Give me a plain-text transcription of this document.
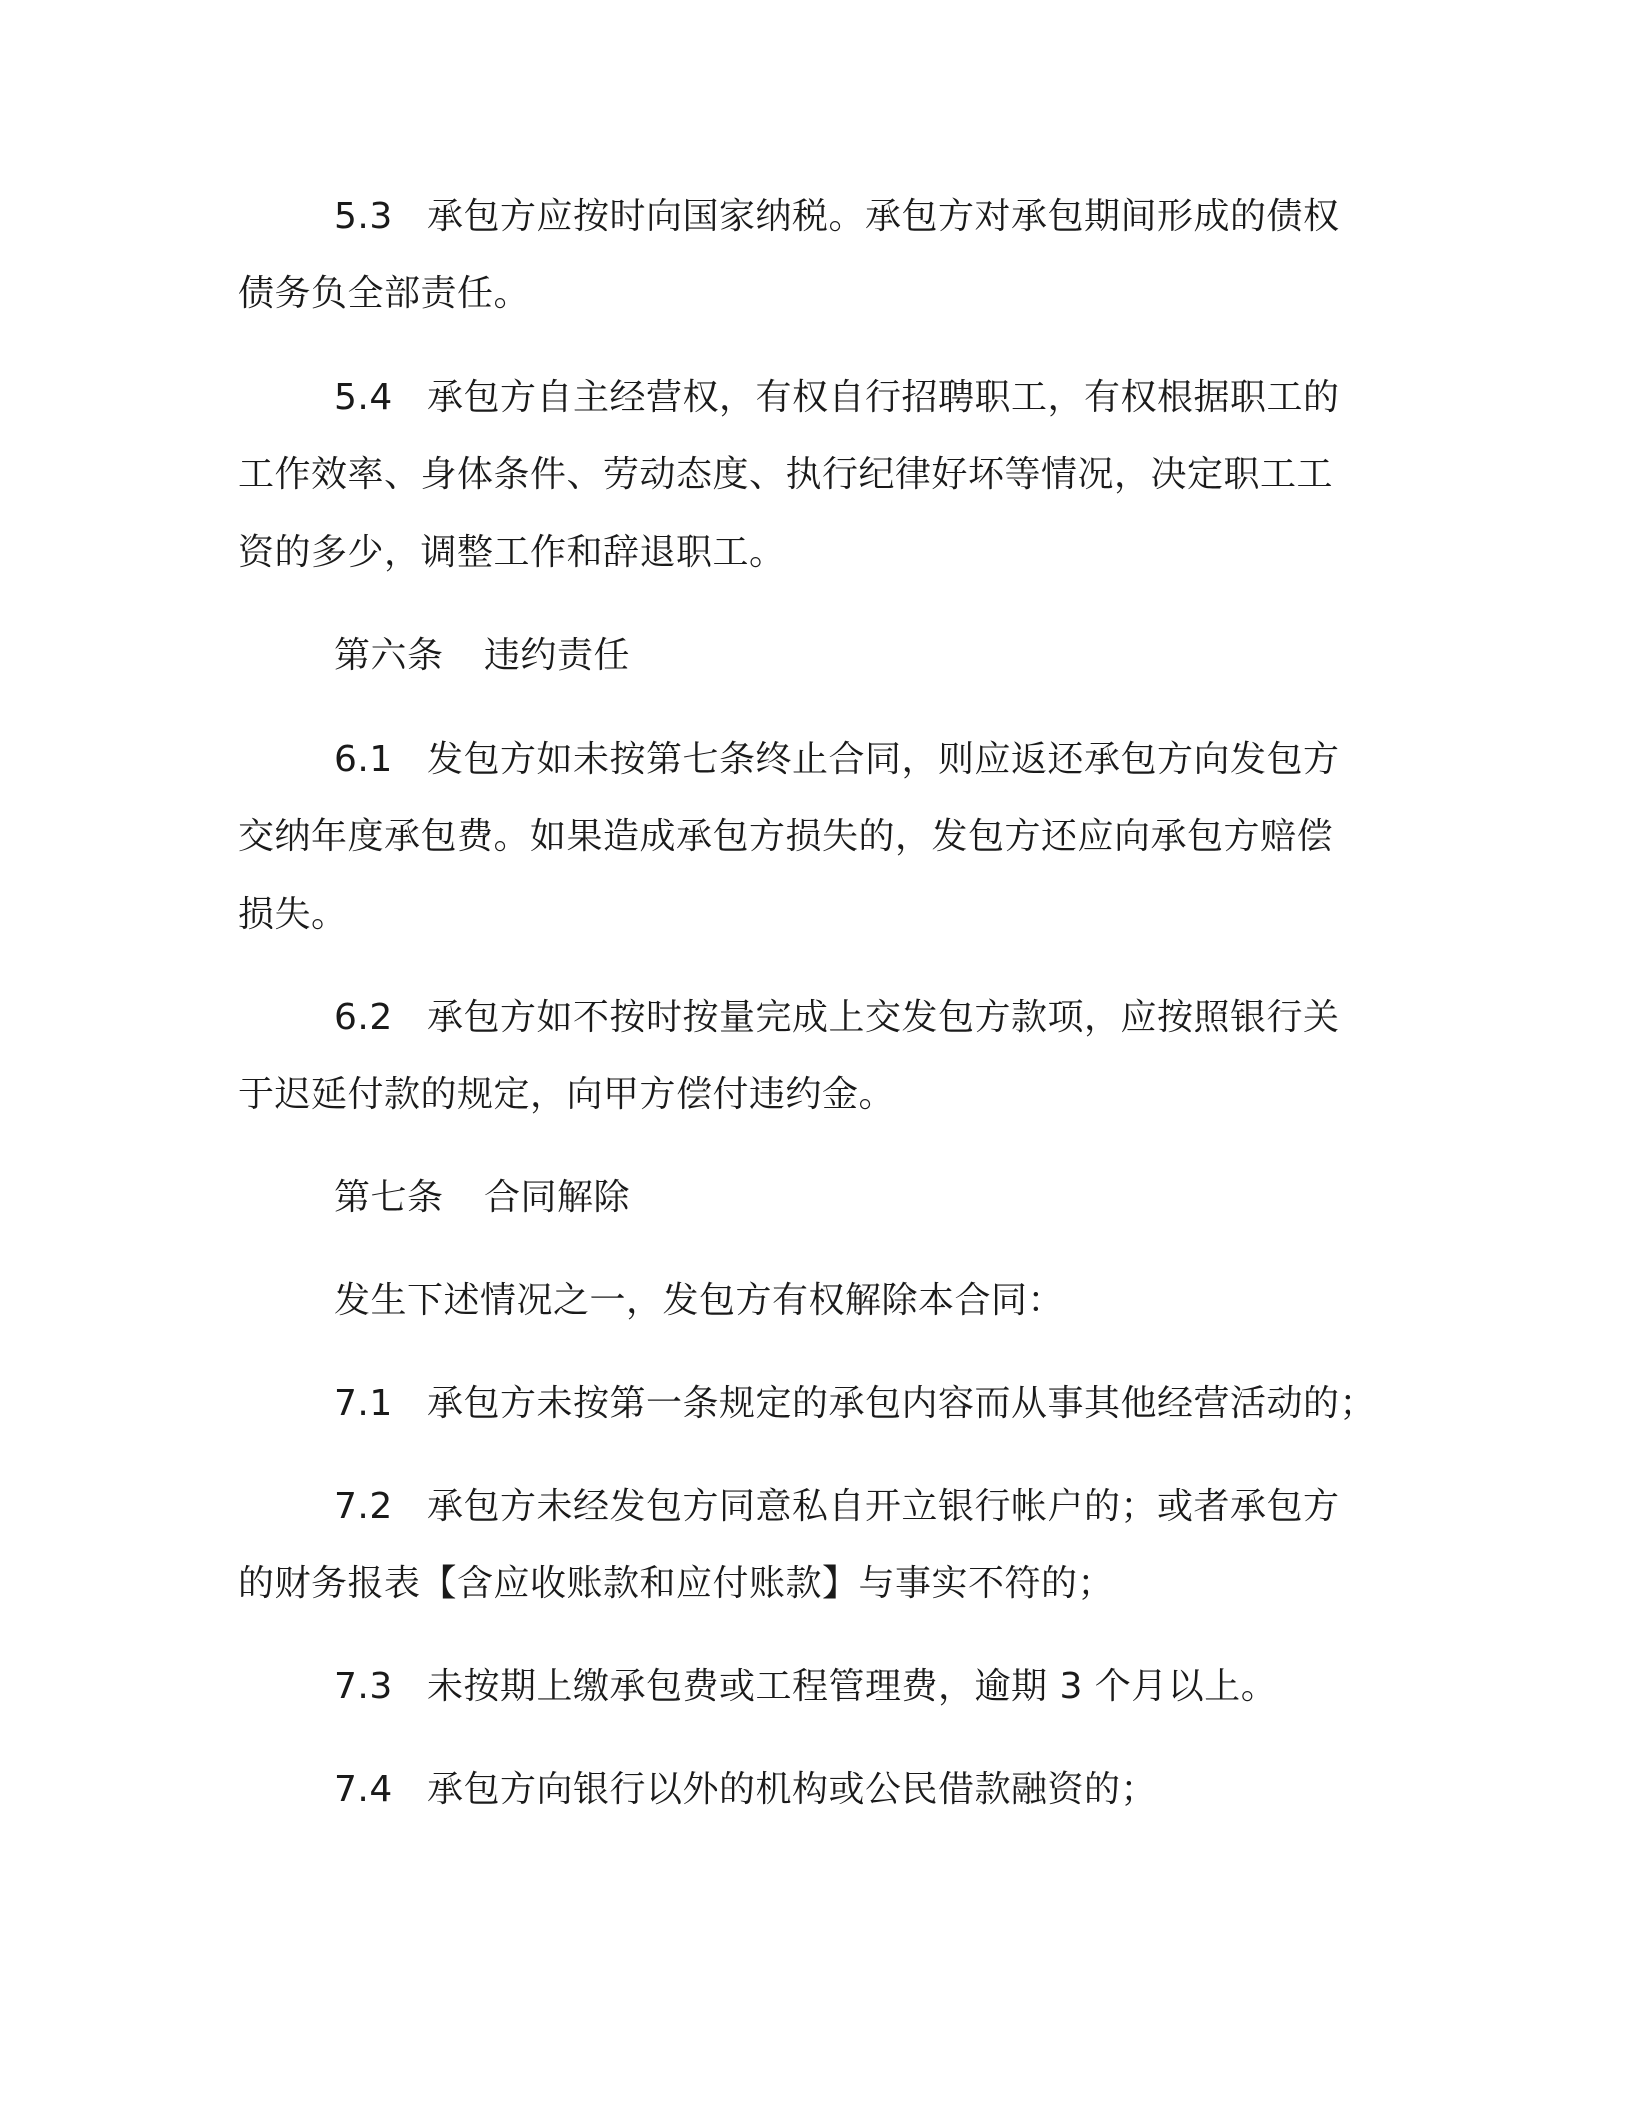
5.3 承包方应按时向国家纳税。承包方对承包期间形成的债权
债务负全部责任。
5.4 承包方自主经营权，有权自行招聘职工，有权根据职工的
工作效率、身体条件、劳动态度、执行纪律好坏等情况，决定职工工
资的多少，调整工作和辞退职工。
第六条 违约责任
6.1 发包方如未按第七条终止合同，则应返还承包方向发包方
交纳年度承包费。如果造成承包方损失的，发包方还应向承包方赔偿
损失。
6.2 承包方如不按时按量完成上交发包方款项，应按照银行关
于迟延付款的规定，向甲方偿付违约金。
第七条 合同解除
发生下述情况之一，发包方有权解除本合同：
7.1 承包方未按第一条规定的承包内容而从事其他经营活动的；
7.2 承包方未经发包方同意私自开立银行帐户的；或者承包方
的财务报表【含应收账款和应付账款】与事实不符的；
7.3 未按期上缴承包费或工程管理费，逾期 3 个月以上。
7.4 承包方向银行以外的机构或公民借款融资的；
